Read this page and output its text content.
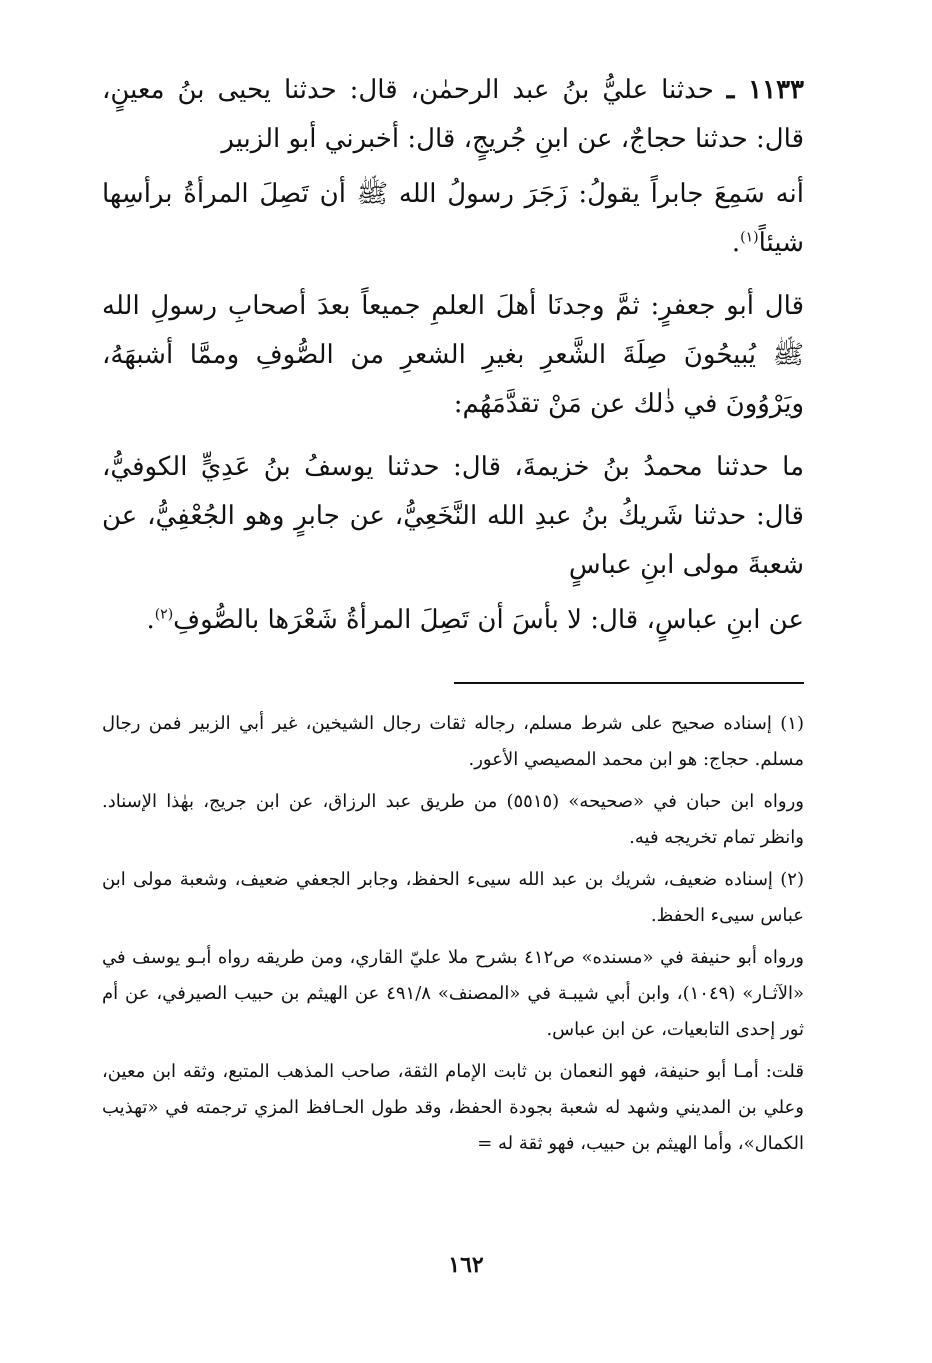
١١٣٣ ـ حدثنا عليُّ بنُ عبد الرحمٰن، قال: حدثنا يحيى بنُ معينٍ، قال: حدثنا حجاجٌ، عن ابنِ جُريجٍ، قال: أخبرني أبو الزبير

أنه سَمِعَ جابراً يقولُ: زَجَرَ رسولُ الله ﷺ أن تَصِلَ المرأةُ برأسِها شيئاً$^{(١)}$.

قال أبو جعفرٍ: ثمَّ وجدنَا أهلَ العلمِ جميعاً بعدَ أصحابِ رسولِ الله ﷺ يُبيحُونَ صِلَةَ الشَّعرِ بغيرِ الشعرِ من الصُّوفِ وممَّا أشبهَهُ، ويَرْوُونَ في ذٰلك عن مَنْ تقدَّمَهُم:

ما حدثنا محمدُ بنُ خزيمةَ، قال: حدثنا يوسفُ بنُ عَدِيٍّ الكوفيُّ، قال: حدثنا شَريكُ بنُ عبدِ الله النَّخَعِيُّ، عن جابرٍ وهو الجُعْفِيُّ، عن شعبةَ مولى ابنِ عباسٍ

عن ابنِ عباسٍ، قال: لا بأسَ أن تَصِلَ المرأةُ شَعْرَها بالصُّوفِ$^{(٢)}$.

(١) إسناده صحيح على شرط مسلم، رجاله ثقات رجال الشيخين، غير أبي الزبير فمن رجال مسلم. حجاج: هو ابن محمد المصيصي الأعور.

ورواه ابن حبان في «صحيحه» (٥٥١٥) من طريق عبد الرزاق، عن ابن جريج، بهٰذا الإسناد. وانظر تمام تخريجه فيه.

(٢) إسناده ضعيف، شريك بن عبد الله سيىء الحفظ، وجابر الجعفي ضعيف، وشعبة مولى ابن عباس سيىء الحفظ.

ورواه أبو حنيفة في «مسنده» ص٤١٢ بشرح ملا عليّ القاري، ومن طريقه رواه أبـو يوسف في «الآثـار» (١٠٤٩)، وابن أبي شيبـة في «المصنف» ٤٩١/٨ عن الهيثم بن حبيب الصيرفي، عن أم ثور إحدى التابعيات، عن ابن عباس.

قلت: أمـا أبو حنيفة، فهو النعمان بن ثابت الإمام الثقة، صاحب المذهب المتبع، وثقه ابن معين، وعلي بن المديني وشهد له شعبة بجودة الحفظ، وقد طول الحـافظ المزي ترجمته في «تهذيب الكمال»، وأما الهيثم بن حبيب، فهو ثقة له =

١٦٢
